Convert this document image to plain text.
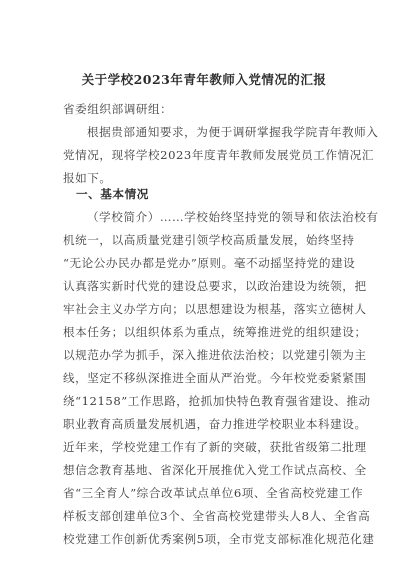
关于学校2023年青年教师入党情况的汇报
省委组织部调研组：
根据贵部通知要求，为便于调研掌握我学院青年教师入
党情况，现将学校2023年度青年教师发展党员工作情况汇
报如下。
一、基本情况
（学校简介）……学校始终坚持党的领导和依法治校有
机统一，以高质量党建引领学校高质量发展，始终坚持
“无论公办民办都是党办”原则。毫不动摇坚持党的建设
认真落实新时代党的建设总要求，以政治建设为统领，把
牢社会主义办学方向；以思想建设为根基，落实立德树人
根本任务；以组织体系为重点，统筹推进党的组织建设；
以规范办学为抓手，深入推进依法治校；以党建引领为主
线，坚定不移纵深推进全面从严治党。今年校党委紧紧围
绕“12158”工作思路，抢抓加快特色教育强省建设、推动
职业教育高质量发展机遇，奋力推进学校职业本科建设。
近年来，学校党建工作有了新的突破，获批省级第二批理
想信念教育基地、省深化开展推优入党工作试点高校、全
省“三全育人”综合改革试点单位6项、全省高校党建工作
样板支部创建单位3个、全省高校党建带头人8人、全省高
校党建工作创新优秀案例5项，全市党支部标准化规范化建
